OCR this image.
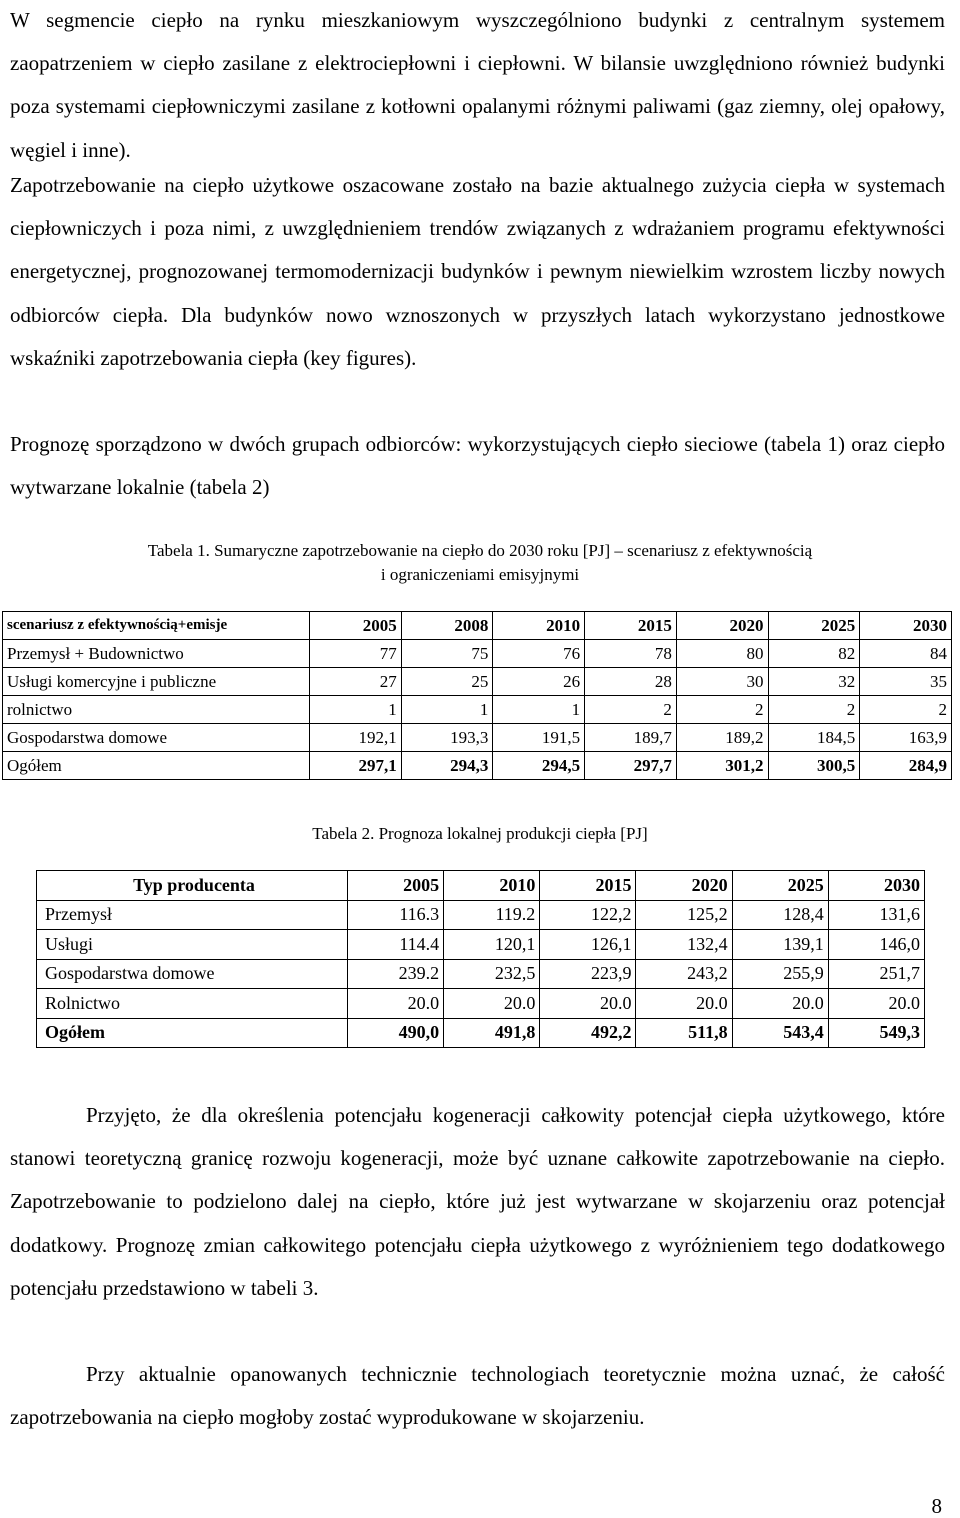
W segmencie ciepło na rynku mieszkaniowym wyszczególniono budynki z centralnym systemem zaopatrzeniem w ciepło zasilane z elektrociepłowni i ciepłowni. W bilansie uwzględniono również budynki poza systemami ciepłowniczymi zasilane z kotłowni opalanymi różnymi paliwami (gaz ziemny, olej opałowy, węgiel i inne).

Zapotrzebowanie na ciepło użytkowe oszacowane zostało na bazie aktualnego zużycia ciepła w systemach ciepłowniczych i poza nimi, z uwzględnieniem trendów związanych z wdrażaniem programu efektywności energetycznej, prognozowanej termomodernizacji budynków i pewnym niewielkim wzrostem liczby nowych odbiorców ciepła. Dla budynków nowo wznoszonych w przyszłych latach wykorzystano jednostkowe wskaźniki zapotrzebowania ciepła (key figures).

Prognozę sporządzono w dwóch grupach odbiorców: wykorzystujących ciepło sieciowe (tabela 1) oraz ciepło wytwarzane lokalnie (tabela 2)

Tabela 1. Sumaryczne zapotrzebowanie na ciepło do 2030 roku [PJ] – scenariusz z efektywnością

i ograniczeniami emisyjnymi

scenariusz z efektywnością+emisje	2005	2008	2010	2015	2020	2025	2030
Przemysł + Budownictwo	77	75	76	78	80	82	84
Usługi komercyjne i publiczne	27	25	26	28	30	32	35
rolnictwo	1	1	1	2	2	2	2
Gospodarstwa domowe	192,1	193,3	191,5	189,7	189,2	184,5	163,9
Ogółem	297,1	294,3	294,5	297,7	301,2	300,5	284,9

Tabela 2. Prognoza lokalnej produkcji ciepła [PJ]

Typ producenta	2005	2010	2015	2020	2025	2030
Przemysł	116.3	119.2	122,2	125,2	128,4	131,6
Usługi	114.4	120,1	126,1	132,4	139,1	146,0
Gospodarstwa domowe	239.2	232,5	223,9	243,2	255,9	251,7
Rolnictwo	20.0	20.0	20.0	20.0	20.0	20.0
Ogółem	490,0	491,8	492,2	511,8	543,4	549,3

Przyjęto, że dla określenia potencjału kogeneracji całkowity potencjał ciepła użytkowego, które stanowi teoretyczną granicę rozwoju kogeneracji, może być uznane całkowite zapotrzebowanie na ciepło. Zapotrzebowanie to podzielono dalej na ciepło, które już jest wytwarzane w skojarzeniu oraz potencjał dodatkowy. Prognozę zmian całkowitego potencjału ciepła użytkowego z wyróżnieniem tego dodatkowego potencjału przedstawiono w tabeli 3.

Przy aktualnie opanowanych technicznie technologiach teoretycznie można uznać, że całość zapotrzebowania na ciepło mogłoby zostać wyprodukowane w skojarzeniu.

8
